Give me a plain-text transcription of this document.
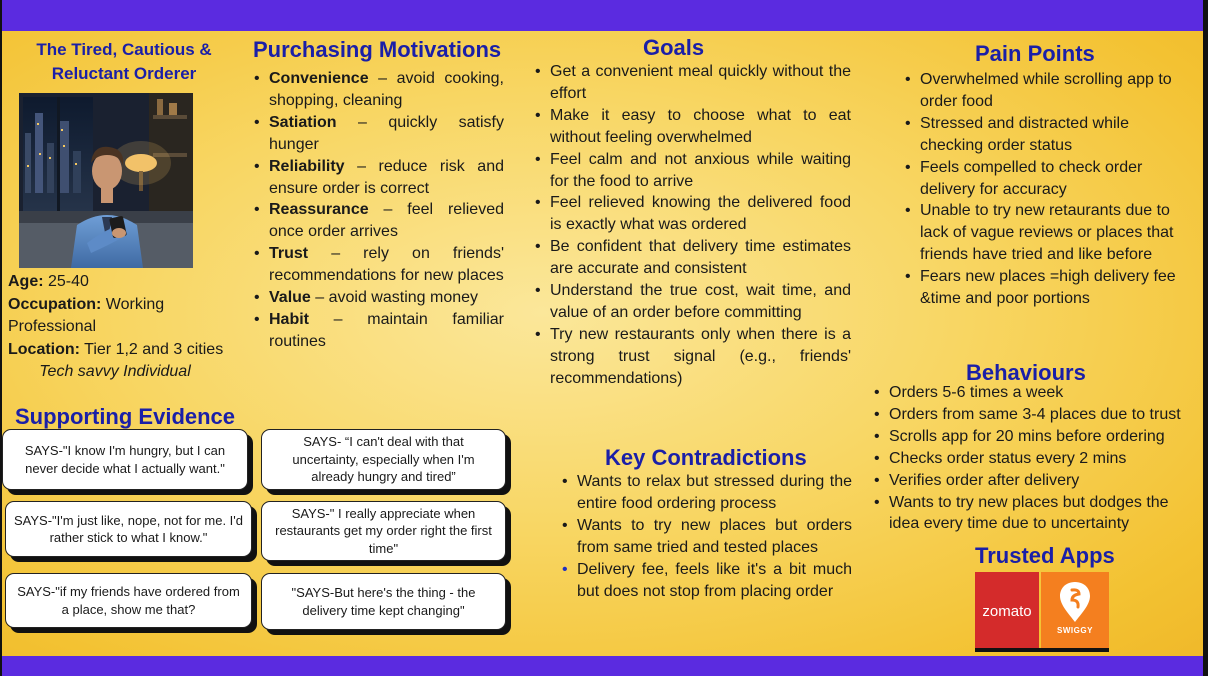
The Tired, Cautious &
Reluctant Orderer
Age: 25-40
Occupation: Working Professional
Location: Tier 1,2 and 3 cities
Tech savvy Individual
Purchasing Motivations
• Convenience – avoid cooking, shopping, cleaning
• Satiation – quickly satisfy hunger
• Reliability – reduce risk and ensure order is correct
• Reassurance – feel relieved once order arrives
• Trust – rely on friends' recommendations for new places
• Value – avoid wasting money
• Habit – maintain familiar routines
Goals
• Get a convenient meal quickly without the effort
• Make it easy to choose what to eat without feeling overwhelmed
• Feel calm and not anxious while waiting for the food to arrive
• Feel relieved knowing the delivered food is exactly what was ordered
• Be confident that delivery time estimates are accurate and consistent
• Understand the true cost, wait time, and value of an order before committing
• Try new restaurants only when there is a strong trust signal (e.g., friends' recommendations)
Pain Points
• Overwhelmed while scrolling app to order food
• Stressed and distracted while checking order status
• Feels compelled to check order delivery for accuracy
• Unable to try new retaurants due to lack of vague reviews or places that friends have tried and like before
• Fears new places =high delivery fee &time and poor portions
Behaviours
• Orders 5-6 times a week
• Orders from same 3-4 places due to trust
• Scrolls app for 20 mins before ordering
• Checks order status every 2 mins
• Verifies order after delivery
• Wants to try new places but dodges the idea every time due to uncertainty
Key Contradictions
• Wants to relax but stressed during the entire food ordering process
• Wants to try new places but orders from same tried and tested places
• Delivery fee, feels like it's a bit much but does not stop from placing order
Supporting Evidence
SAYS-"I know I'm hungry, but I can never decide what I actually want."
SAYS- “I can't deal with that uncertainty, especially when I'm already hungry and tired”
SAYS-"I'm just like, nope, not for me. I'd rather stick to what I know."
SAYS-" I really appreciate when restaurants get my order right the first time"
SAYS-"if my friends have ordered from a place, show me that?
"SAYS-But here's the thing - the delivery time kept changing"
Trusted Apps
zomato
SWIGGY
